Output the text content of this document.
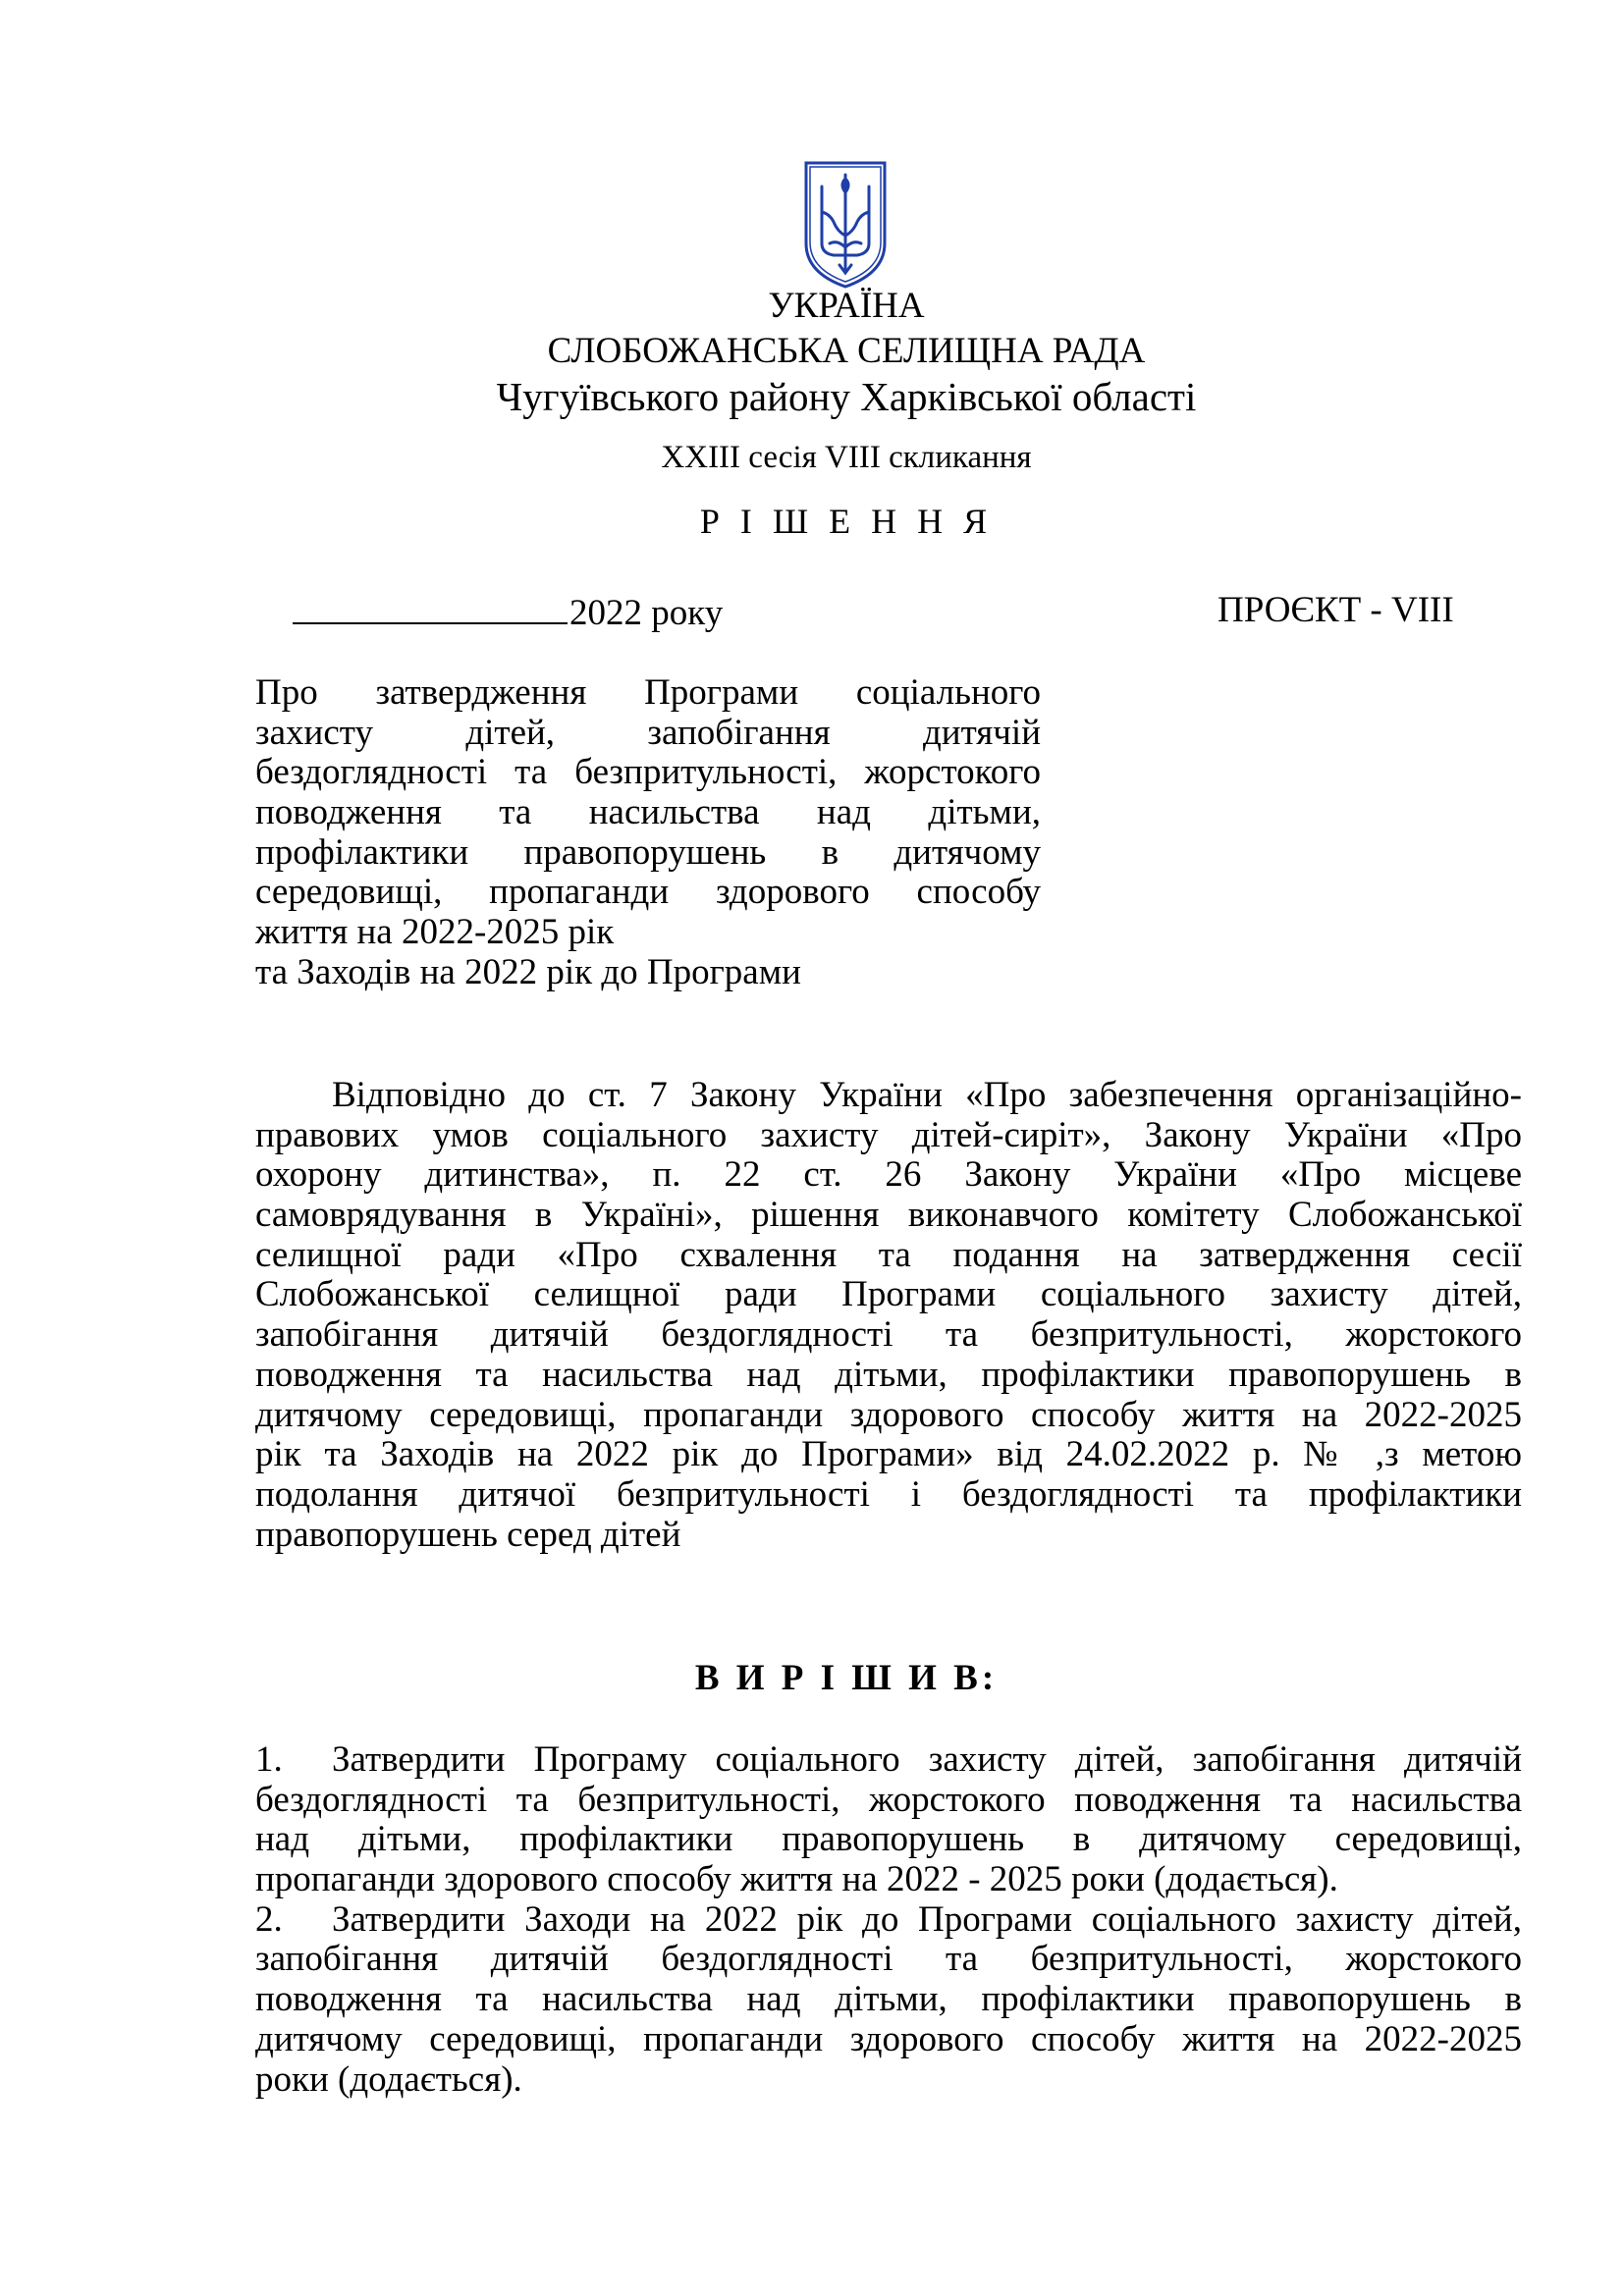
УКРАЇНА
СЛОБОЖАНСЬКА СЕЛИЩНА РАДА
Чугуївського району Харківської області
XXIII сесія VIII скликання
Р І Ш Е Н Н Я
2022 року	ПРОЄКТ - VIII
Про затвердження Програми соціального
захисту дітей, запобігання дитячій
бездоглядності та безпритульності, жорстокого
поводження та насильства над дітьми,
профілактики правопорушень в дитячому
середовищі, пропаганди здорового способу
життя на 2022-2025 рік
та Заходів на 2022 рік до Програми
Відповідно до ст. 7 Закону України «Про забезпечення організаційно-
правових умов соціального захисту дітей-сиріт», Закону України «Про
охорону дитинства», п. 22 ст. 26 Закону України «Про місцеве
самоврядування в Україні», рішення виконавчого комітету Слобожанської
селищної ради «Про схвалення та подання на затвердження сесії
Слобожанської селищної ради Програми соціального захисту дітей,
запобігання дитячій бездоглядності та безпритульності, жорстокого
поводження та насильства над дітьми, профілактики правопорушень в
дитячому середовищі, пропаганди здорового способу життя на 2022-2025
рік та Заходів на 2022 рік до Програми» від 24.02.2022 р. № ,з метою
подолання дитячої безпритульності і бездоглядності та профілактики
правопорушень серед дітей
В И Р І Ш И В:
1. Затвердити Програму соціального захисту дітей, запобігання дитячій
бездоглядності та безпритульності, жорстокого поводження та насильства
над дітьми, профілактики правопорушень в дитячому середовищі,
пропаганди здорового способу життя на 2022 - 2025 роки (додається).
2. Затвердити Заходи на 2022 рік до Програми соціального захисту дітей,
запобігання дитячій бездоглядності та безпритульності, жорстокого
поводження та насильства над дітьми, профілактики правопорушень в
дитячому середовищі, пропаганди здорового способу життя на 2022-2025
роки (додається).
